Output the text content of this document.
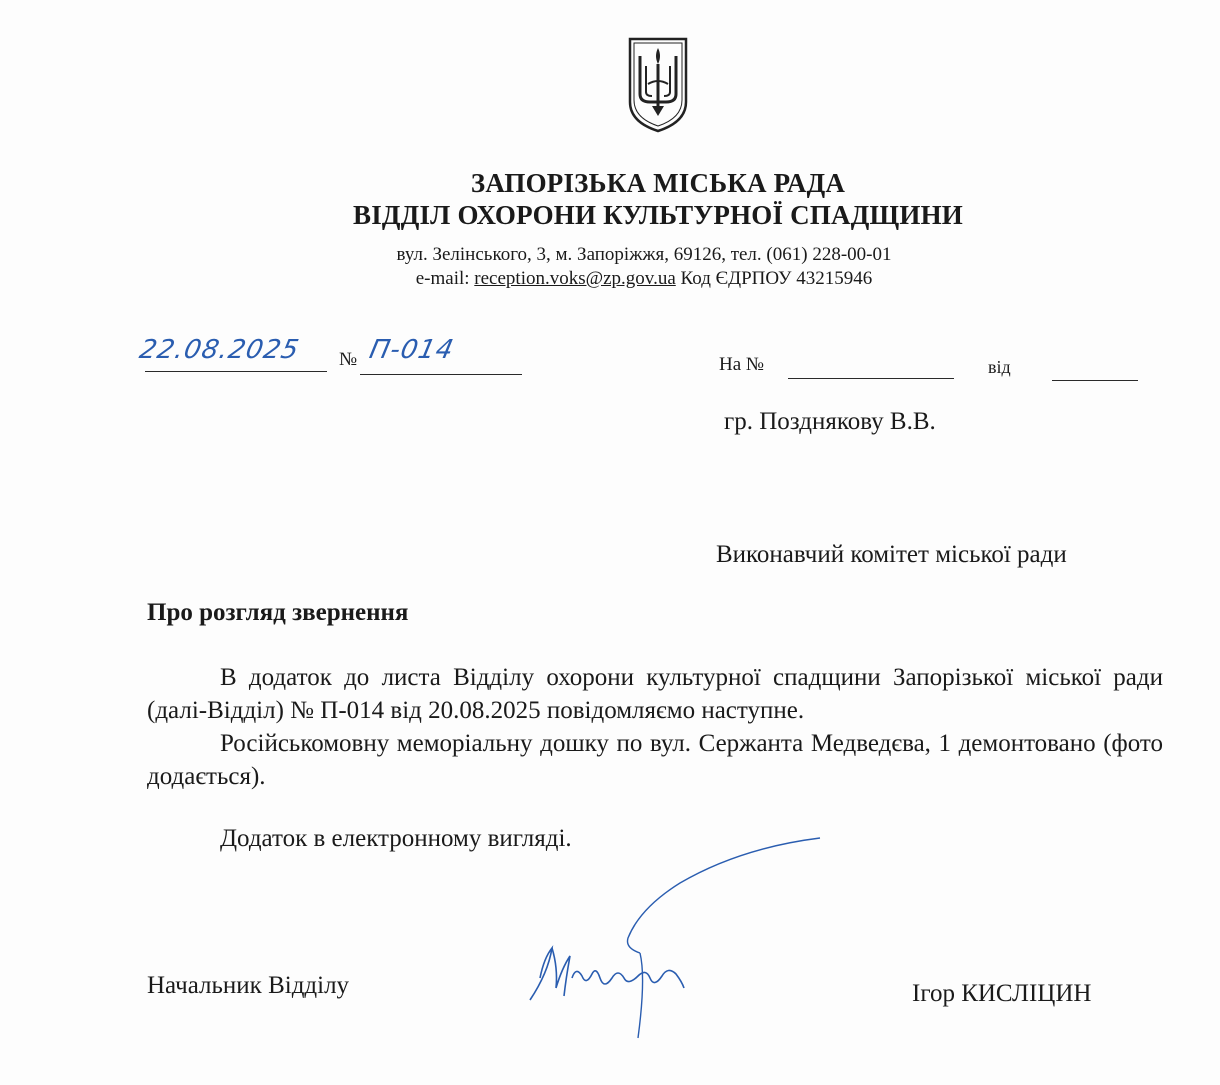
ЗАПОРІЗЬКА МІСЬКА РАДА
ВІДДІЛ ОХОРОНИ КУЛЬТУРНОЇ СПАДЩИНИ
вул. Зелінського, 3, м. Запоріжжя, 69126, тел. (061) 228-00-01
e-mail: reception.voks@zp.gov.ua Код ЄДРПОУ 43215946
22.08.2025 № П-014	На №	від
гр. Позднякову В.В.
Виконавчий комітет міської ради
Про розгляд звернення
В додаток до листа Відділу охорони культурної спадщини Запорізької міської ради (далі-Відділ) № П-014 від 20.08.2025 повідомляємо наступне.
Російськомовну меморіальну дошку по вул. Сержанта Медведєва, 1 демонтовано (фото додається).
Додаток в електронному вигляді.
Начальник Відділу	Ігор КИСЛІЦИН
